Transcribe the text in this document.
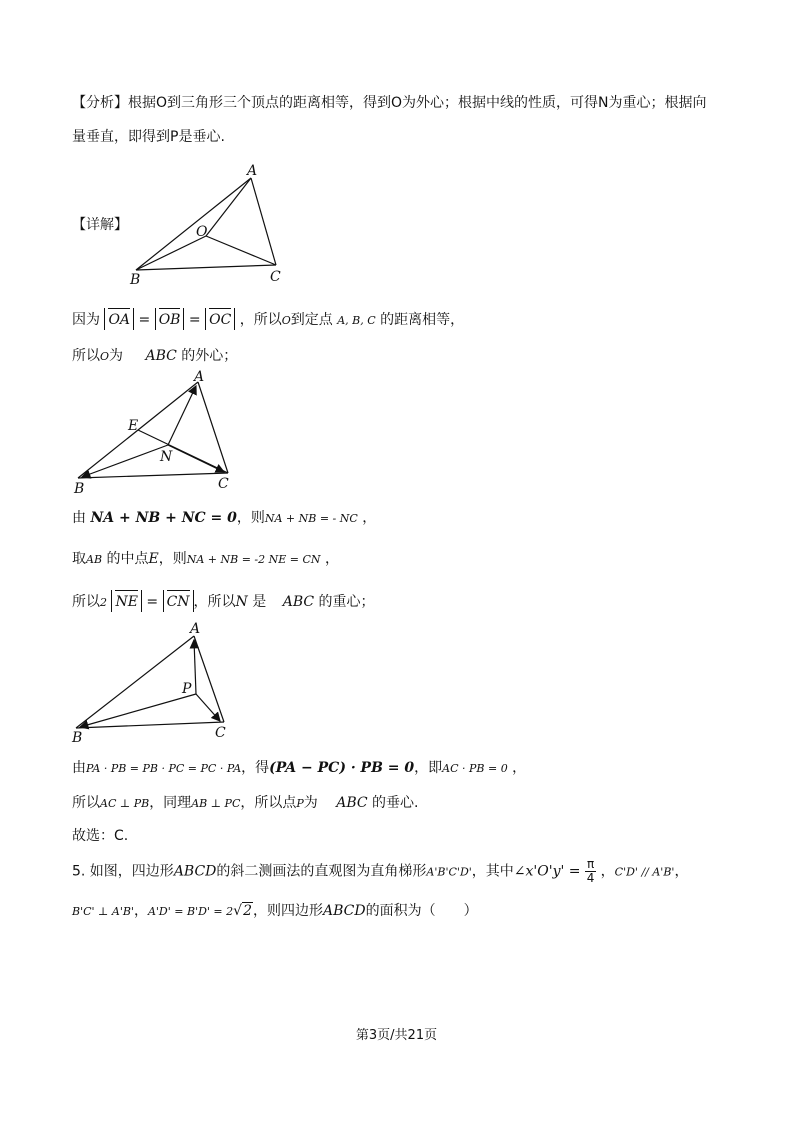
【分析】根据O到三角形三个顶点的距离相等，得到O为外心；根据中线的性质，可得N为重心；根据向
量垂直，即得到P是垂心.
【详解】
A
B	C
O
因为 OA = OB = OC ，所以O到定点 A, B, C 的距离相等，
所以O为 ABC 的外心；
A
E
N
B	C
由 NA + NB + NC = 0，则NA + NB = - NC ，
取AB 的中点E，则NA + NB = -2 NE = CN ，
所以2 NE = CN ，所以N 是 ABC 的重心；
A
P
B	C
由PA · PB = PB · PC = PC · PA，得(PA − PC) · PB = 0，即AC · PB = 0 ，
所以AC ⊥ PB，同理AB ⊥ PC，所以点P为 ABC 的垂心.
故选：C.
5. 如图，四边形ABCD的斜二测画法的直观图为直角梯形A'B'C'D'，其中∠x'O'y' = $\frac{\pi}{4}$ ，C'D' // A'B'，
B'C' ⊥ A'B'，A'D' = B'D' = 2√2，则四边形ABCD的面积为（　　）
第3页/共21页
